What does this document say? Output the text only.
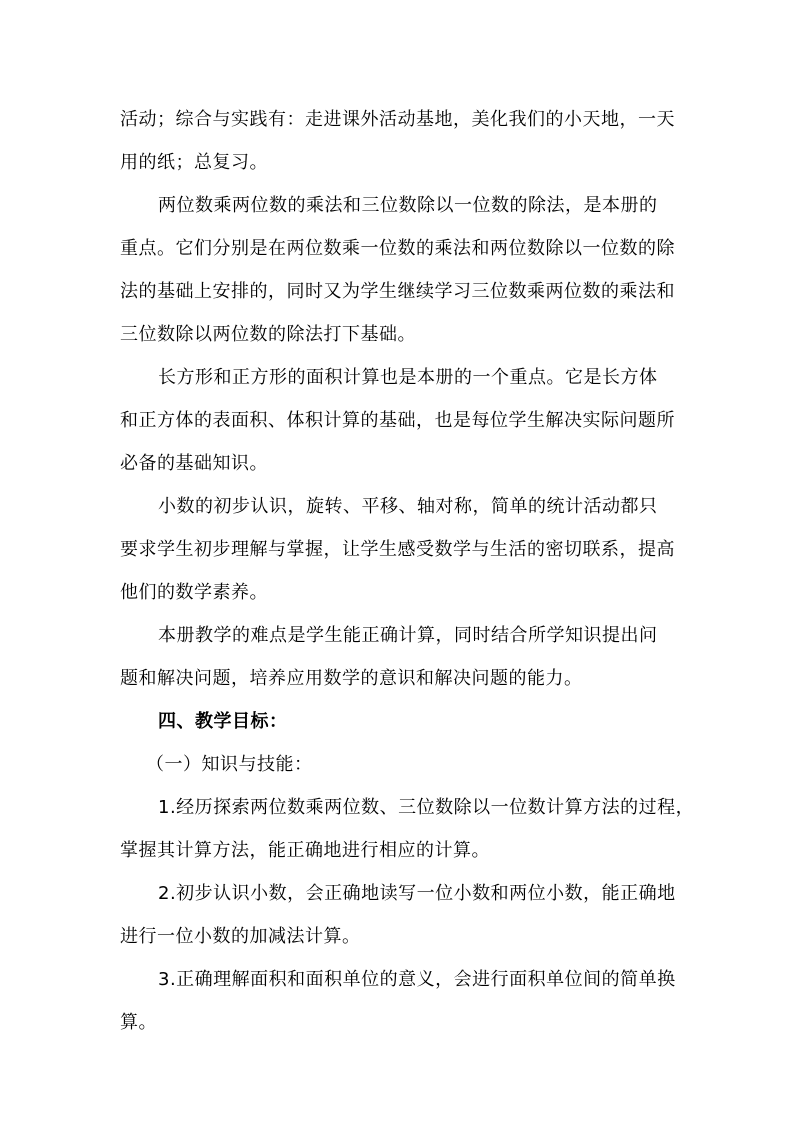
活动；综合与实践有：走进课外活动基地，美化我们的小天地，一天
用的纸；总复习。
两位数乘两位数的乘法和三位数除以一位数的除法，是本册的
重点。它们分别是在两位数乘一位数的乘法和两位数除以一位数的除
法的基础上安排的，同时又为学生继续学习三位数乘两位数的乘法和
三位数除以两位数的除法打下基础。
长方形和正方形的面积计算也是本册的一个重点。它是长方体
和正方体的表面积、体积计算的基础，也是每位学生解决实际问题所
必备的基础知识。
小数的初步认识，旋转、平移、轴对称，简单的统计活动都只
要求学生初步理解与掌握，让学生感受数学与生活的密切联系，提高
他们的数学素养。
本册教学的难点是学生能正确计算，同时结合所学知识提出问
题和解决问题，培养应用数学的意识和解决问题的能力。
四、教学目标：
（一）知识与技能：
1.经历探索两位数乘两位数、三位数除以一位数计算方法的过程，
掌握其计算方法，能正确地进行相应的计算。
2.初步认识小数，会正确地读写一位小数和两位小数，能正确地
进行一位小数的加减法计算。
3.正确理解面积和面积单位的意义，会进行面积单位间的简单换
算。
